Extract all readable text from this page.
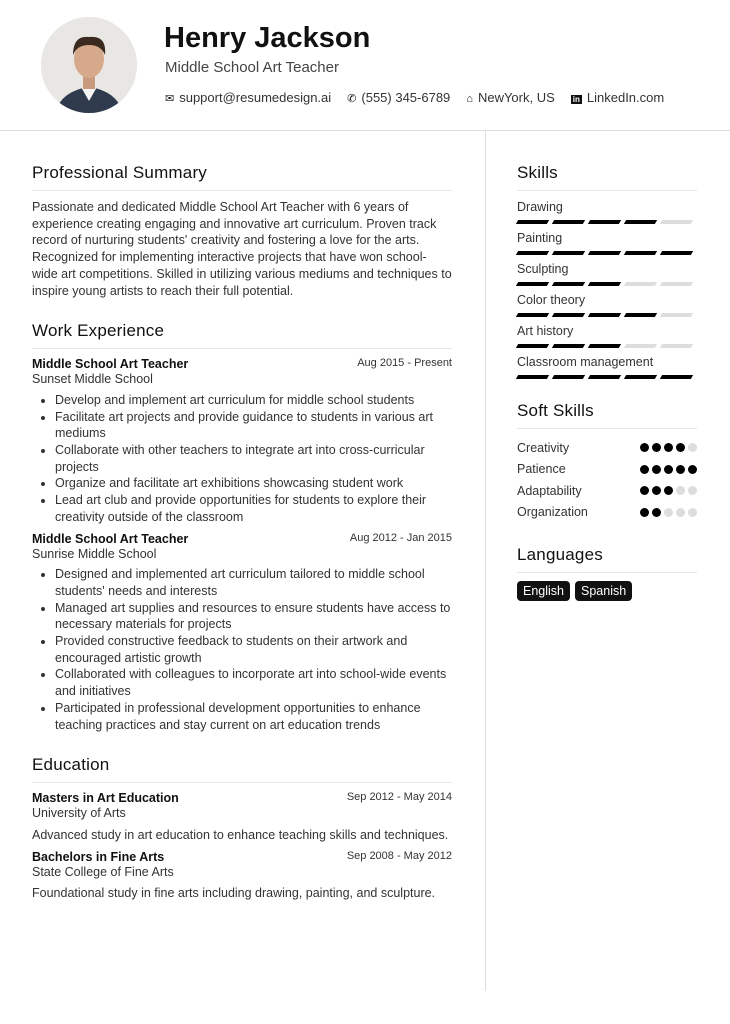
Henry Jackson
Middle School Art Teacher
✉ support@resumedesign.ai ✆ (555) 345-6789 ⌂ NewYork, US in LinkedIn.com
Professional Summary

Passionate and dedicated Middle School Art Teacher with 6 years of experience creating engaging and innovative art curriculum. Proven track record of nurturing students' creativity and fostering a love for the arts. Recognized for implementing interactive projects that have won school-wide art competitions. Skilled in utilizing various mediums and techniques to inspire young artists to reach their full potential.

Work Experience
Middle School Art Teacher	Aug 2015 - Present
Sunset Middle School
• Develop and implement art curriculum for middle school students
• Facilitate art projects and provide guidance to students in various art mediums
• Collaborate with other teachers to integrate art into cross-curricular projects
• Organize and facilitate art exhibitions showcasing student work
• Lead art club and provide opportunities for students to explore their creativity outside of the classroom
Middle School Art Teacher	Aug 2012 - Jan 2015
Sunrise Middle School
• Designed and implemented art curriculum tailored to middle school students' needs and interests
• Managed art supplies and resources to ensure students have access to necessary materials for projects
• Provided constructive feedback to students on their artwork and encouraged artistic growth
• Collaborated with colleagues to incorporate art into school-wide events and initiatives
• Participated in professional development opportunities to enhance teaching practices and stay current on art education trends
Education
Masters in Art Education	Sep 2012 - May 2014
University of Arts

Advanced study in art education to enhance teaching skills and techniques.

Bachelors in Fine Arts	Sep 2008 - May 2012
State College of Fine Arts

Foundational study in fine arts including drawing, painting, and sculpture.

Skills
Drawing
Painting
Sculpting
Color theory
Art history
Classroom management
Soft Skills
Creativity
Patience
Adaptability
Organization
Languages
English	Spanish
